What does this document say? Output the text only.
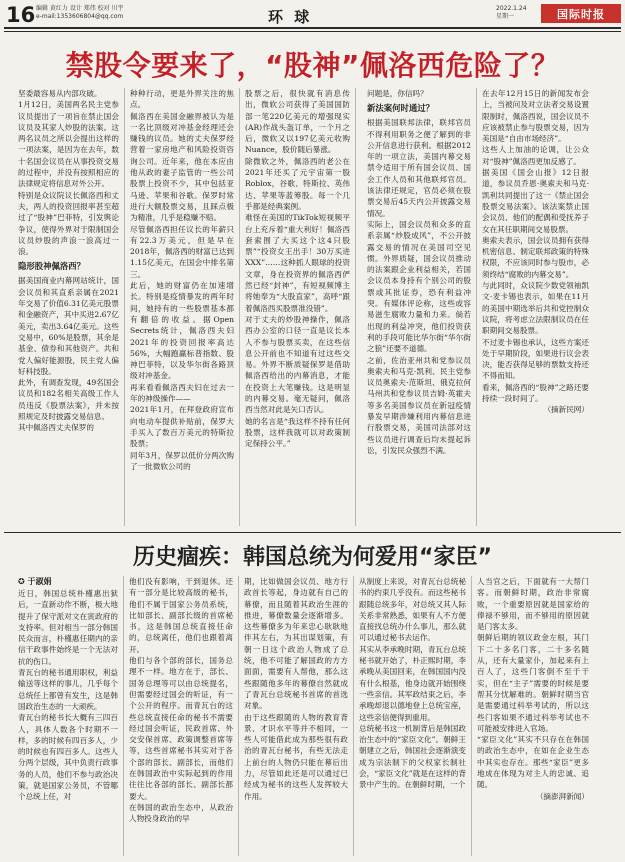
16 编辑 黄红力 设计 郑伟 校对 川宇
e-mail:1353606804@qq.com	环 球	2022.1.24
星期一	国际时报
禁股令要来了，“股神”佩洛西危险了？

坚委最容易从内部攻破。

1月12日，美国两名民主党参议员提出了一项旨在禁止国会议员及其家人炒股的法案。这两名议员之所以会提出这样的一项法案，是因为在去年，数十名国会议员在从事投资交易的过程中，并没有按照相应的法律规定将信息对外公开。

特别是众议院议长佩洛西和丈夫，两人的投资回报率甚至超过了“股神”巴菲特，引发舆论争议，使得外界对于限制国会议员炒股的声浪一浪高过一浪。

隐形股神佩洛西？

据美国商业内幕网站统计，国会议员和其直系亲属在2021年交易了价值6.31亿美元股票和金融资产，其中买进2.67亿美元，卖出3.64亿美元。这些交易中，60%是股票，其余是基金、债券和其他资产。共和党人偏好能源股，民主党人偏好科技股。

此外，有调查发现，49名国会议员和182名相关高级工作人员违反《股票法案》，并未按照规定及时披露交易信息。

其中佩洛西丈夫保罗的

种种行动，更是外界关注的焦点。

佩洛西在美国金融界被认为是一名比顶级对冲基金经理还会赚钱的议员。她的丈夫保罗经营着一家房地产和风险投资咨询公司。近年来，他在本应由他从政的妻子监管的一些公司股票上投资不少，其中包括亚马逊、苹果和谷歌。保罗时常进行大额股票交易，且踩点极为精准，几乎是稳赚不赔。

尽管佩洛西担任议长的年薪只有22.3万美元，但是早在2018年，佩洛西的财富已达到1.15亿美元，在国会中排名第三。

此后，她的财富仍在加速增长。特别是疫情暴发的两年时间，她持有的一些股票基本都有翻倍的收益。据Open Secrets统计，佩洛西夫妇2021年的投资回报率高达56%，大幅跑赢标普指数、股神巴菲特，以及华尔街各路顶级对冲基金。

再来看看佩洛西夫妇在过去一年的神级操作——

2021年1月，在拜登政府宣布向电动车提供补贴前，保罗大手买入了数百万美元的特斯拉股票；

同年3月，保罗以低价分两次购了一批微软公司的

股票之后，很快就有消息传出，微软公司获得了美国国防部一笔220亿美元的增强现实(AR)作战头盔订单，一个月之后，微软又以197亿美元收购Nuance，股价随后暴涨。

除微软之外，佩洛西的老公在2021年还买了元宇宙第一股Roblox，谷歌、特斯拉、英伟达、苹果等蓝筹股。每一个几乎都是经典案例。

难怪在美国的TikTok短视频平台上充斥着“重大利好！佩洛西套索围了大买这个这4只股票”“投资女王出手！30万买进XXX”……这种抓人眼球的投资文章，身在投资界的佩洛西俨然已经“封神”，有短视频博主将她奉为“大股直家”，高呼“跟着佩洛西买股票准没错”。

对于丈夫的炒股神操作，佩洛西办公室的口径一直是议长本人不参与股票买卖，在这些信息公开前也不知道有过这些交易。外界不断质疑保罗是借助佩洛西给出的内幕消息，才能在投资上大笔赚钱。这是明显的内幕交易。毫无疑问，佩洛西当然对此是矢口否认。

她的名言是“我这样不持有任何股票，这样我就可以对政策制定保持公平。”

问题是，你信吗？

新法案何时通过？

根据美国联邦法律，联邦官员不得利用职务之便了解到的非公开信息进行获利。根据2012年的一项立法，美国内幕交易禁令适用于所有国会议员、国会工作人员和其他联邦官员。该法律还规定，官员必须在股票交易后45天内公开披露交易情况。

实际上，国会议员和众多的直系亲属“炒股成风”，不公开披露交易的情况在美国司空见惯。外界质疑，国会议员推动的法案跟企业利益相关，若国会议员本身持有个别公司的股票或其批证券，恐有利益冲突。有媒体评论称，这些或容易滋生腐败力量和力来。倘若出现的利益冲突，他们投资获利的手段可能比华尔街“华尔街之狼”还要不道德。

之前，佐治亚州共和党参议员奥索夫和马克·凯利、民主党参议员奥索夫·范斯坦、俄克拉何马州共和党参议员吉姆·英霍夫等多名美国参议员在新冠疫情暴发早期涉嫌利用内幕信息进行股票交易，美国司法部对这些议员进行调查后均未提起诉讼，引发民众强烈不满。

在去年12月15日的新闻发布会上，当被问及对立法者交易设置限制时，佩洛西说，国会议员不应该被禁止参与股票交易，因为美国是“自由市场经济”。

这些人上加油的论调，让公众对“股神”佩洛西更加反感了。

据美国《国会山报》12日报道，参议员乔恩·奥索夫和马克·凯利共同提出了这一《禁止国会股票交易法案》。该法案禁止国会议员、他们的配偶和受抚养子女在其任职期间交易股票。

奥索夫表示，国会议员拥有获得机密信息、制定联邦政策的特殊权限，不应该同时参与股市，必须终结“腐败的内幕交易”。

与此同时，众议院少数党领袖凯文·麦卡锡也表示，如果在11月的美国中期选举后共和党控制众议院，将考虑立法限制议员在任职期间交易股票。

不过麦卡锡也承认，这些方案还处于早期阶段，如果进行议会表决，能否获得足够的票数支持还不得而知。

看来，佩洛西的“股神”之路还要持续一段时间了。

（摘新民网）

历史痼疾：韩国总统为何爱用“家臣”
✪ 于淑娟

近日，韩国总统朴槿惠出狱后，一直新动作不断，极大地提升了保守派对文在寅政府的支持率。但对相当一部分韩国民众而言，朴槿惠任期内的亲信干政事件始终是一个无法对抗的伤口。

青瓦台的秘书通用职权，利益输送等这样的事儿，几乎每个总统任上都曾有发生，这是韩国政治生态的一大顽疾。

青瓦台的秘书长大概有三四百人，具体人数各个时期不一样，多的时候有四百多人，少的时候也有四百多人。这些人分两个层级，其中负责行政事务的人员，他们不参与政治决策，就是国家公务员，不管哪个总统上任，对

他们没有影响，干到退休。还有一部分是比较高级的秘书，他们不属于国家公务员系统，比如部长、副部长级的首席秘书，这是韩国总统直接任命的，总统离任，他们也跟着离开。

他们与各个部的部长，国务总理不一样。地方在于，部长、国务总理等可以由总统提名，但需要经过国会的听证，有一个公开的程序。而青瓦台的这些总统直接任命的秘书不需要经过国会听证，民政首席、外交安保首席、政策调整首席等等，这些首席秘书其实对于各个部的部长、副部长，而他们在韩国政治中实际起到的作用往往比各部的部长、副部长都要大。

在韩国的政治生态中，从政治人物投身政治的早

期，比如做国会议员、地方行政首长等起，身边就有自己的幕僚，而且随着其政治生涯的推进，幕僚数量会逐渐增多。这些幕僚多为年来忠心耿耿地伴其左右，为其出谋划策，有朝一日这个政治人物成了总统，他不可能了解国政的方方面面，需要有人帮他，那么这些跟随他多年的幕僚自然就成了青瓦台总统秘书首席的首选对象。

由于这些跟随的人物的教育背景、才识水平等并不相同，一些人可能借此成为那些很有政治的青瓦台秘书，有些无法走上前台的人物仍只能在幕后出力，尽管如此还是可以通过已经成为秘书的这些人发挥较大作用。

从制度上来说，对青瓦台总统秘书的约束几乎没有。而这些秘书跟随总统多年，对总统又其人际关系非常熟悉，如果有人不方便直接找总统办什么事儿，那么就可以通过秘书去运作。

其实从李承晚时期，青瓦台总统秘书就开始了，朴正熙时期，李承晚从美国回来，在韩国国内没有什么根基，他身边就开始围绕一些亲信。其军政结束之后，李承晚却退以德地登上总统宝座，这些亲信便得到重用。

总统秘书这一机制背后是韩国政治生态中的“家臣文化”。朝鲜王朝建立之后，韩国社会逐渐演变成为宗法制下的父权家长制社会，“家臣文化”就是在这样的背景中产生的。在朝鲜时期，一个

人当官之后，下面就有一大帮门客。而朝鲜时期，政治非常腐败，一个重要原因就是国家给的俸禄不够用，而不够用的原因就是门客太多。

朝鲜后期的领议政金左根，其门下二十多名门客，二十多名随从，还有大量家仆，加起来有上百人了，这些门客倒不至于干实，但在“主子”需要的时候是要帮其分忧解难的。朝鲜时期当官是需要通过科举考试的，所以这些门客如果不通过科举考试也不可能被安排进入官场。

“家臣文化”其实不只存在在韩国的政治生态中，在如在企业生态中其实也存在。那些“家臣”更多地成在体现为对主人的忠诚、追随。

（摘澎湃新闻）
